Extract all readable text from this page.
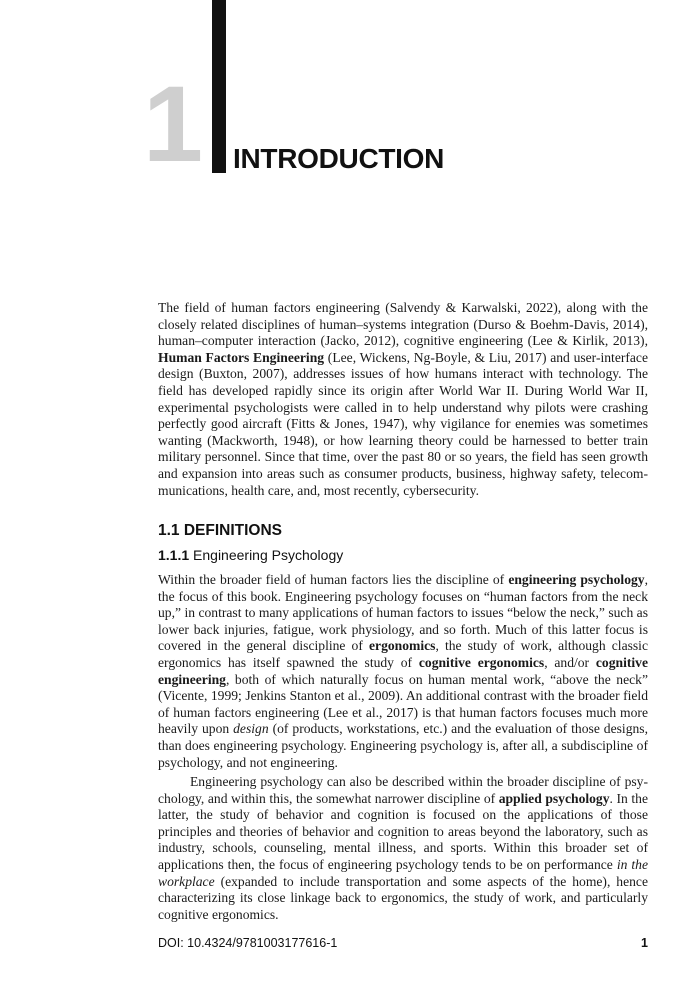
1 INTRODUCTION

The field of human factors engineering (Salvendy & Karwalski, 2022), along with the closely related disciplines of human–systems integration (Durso & Boehm-Davis, 2014), human–computer interaction (Jacko, 2012), cognitive engineering (Lee & Kirlik, 2013), Human Factors Engineering (Lee, Wickens, Ng-Boyle, & Liu, 2017) and user-interface design (Buxton, 2007), addresses issues of how humans interact with technology. The field has developed rapidly since its origin after World War II. During World War II, experimental psychologists were called in to help understand why pilots were crashing perfectly good aircraft (Fitts & Jones, 1947), why vigilance for enemies was sometimes wanting (Mackworth, 1948), or how learning theory could be harnessed to better train military personnel. Since that time, over the past 80 or so years, the field has seen growth and expansion into areas such as consumer products, business, highway safety, telecommunications, health care, and, most recently, cybersecurity.

1.1 DEFINITIONS
1.1.1 Engineering Psychology

Within the broader field of human factors lies the discipline of engineering psychology, the focus of this book. Engineering psychology focuses on “human factors from the neck up,” in contrast to many applications of human factors to issues “below the neck,” such as lower back injuries, fatigue, work physiology, and so forth. Much of this latter focus is covered in the general discipline of ergonomics, the study of work, although classic ergonomics has itself spawned the study of cognitive ergonomics, and/or cognitive engineering, both of which naturally focus on human mental work, “above the neck” (Vicente, 1999; Jenkins Stanton et al., 2009). An additional contrast with the broader field of human factors engineering (Lee et al., 2017) is that human factors focuses much more heavily upon design (of products, workstations, etc.) and the evaluation of those designs, than does engineering psychology. Engineering psychology is, after all, a subdiscipline of psychology, and not engineering.

Engineering psychology can also be described within the broader discipline of psychology, and within this, the somewhat narrower discipline of applied psychology. In the latter, the study of behavior and cognition is focused on the applications of those principles and theories of behavior and cognition to areas beyond the laboratory, such as industry, schools, counseling, mental illness, and sports. Within this broader set of applications then, the focus of engineering psychology tends to be on performance in the workplace (expanded to include transportation and some aspects of the home), hence characterizing its close linkage back to ergonomics, the study of work, and particularly cognitive ergonomics.

DOI: 10.4324/9781003177616-1	1
